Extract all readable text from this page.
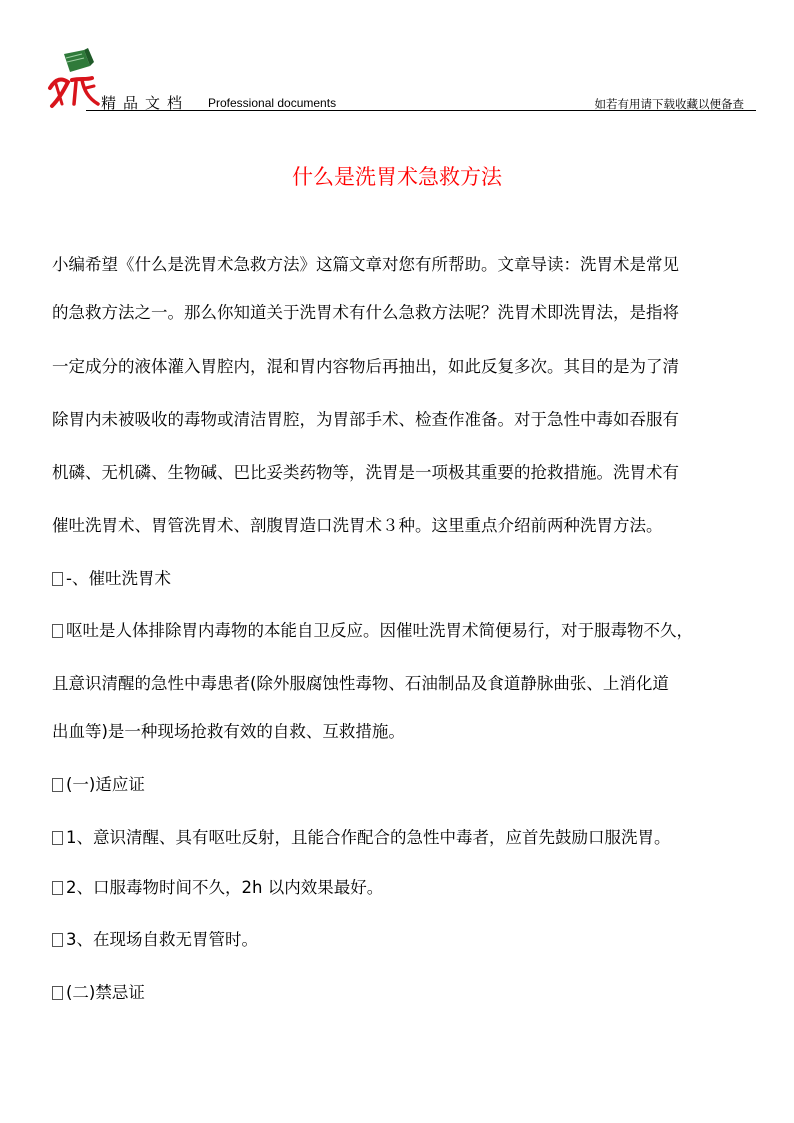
精品文档 Professional documents	如若有用请下载收藏以便备查
什么是洗胃术急救方法
小编希望《什么是洗胃术急救方法》这篇文章对您有所帮助。文章导读：洗胃术是常见
的急救方法之一。那么你知道关于洗胃术有什么急救方法呢？洗胃术即洗胃法，是指将
一定成分的液体灌入胃腔内，混和胃内容物后再抽出，如此反复多次。其目的是为了清
除胃内未被吸收的毒物或清洁胃腔，为胃部手术、检查作准备。对于急性中毒如吞服有
机磷、无机磷、生物碱、巴比妥类药物等，洗胃是一项极其重要的抢救措施。洗胃术有
催吐洗胃术、胃管洗胃术、剖腹胃造口洗胃术３种。这里重点介绍前两种洗胃方法。
-、催吐洗胃术
呕吐是人体排除胃内毒物的本能自卫反应。因催吐洗胃术简便易行，对于服毒物不久，
且意识清醒的急性中毒患者(除外服腐蚀性毒物、石油制品及食道静脉曲张、上消化道
出血等)是一种现场抢救有效的自救、互救措施。
(一)适应证
1、意识清醒、具有呕吐反射，且能合作配合的急性中毒者，应首先鼓励口服洗胃。
2、口服毒物时间不久，2h 以内效果最好。
3、在现场自救无胃管时。
(二)禁忌证
